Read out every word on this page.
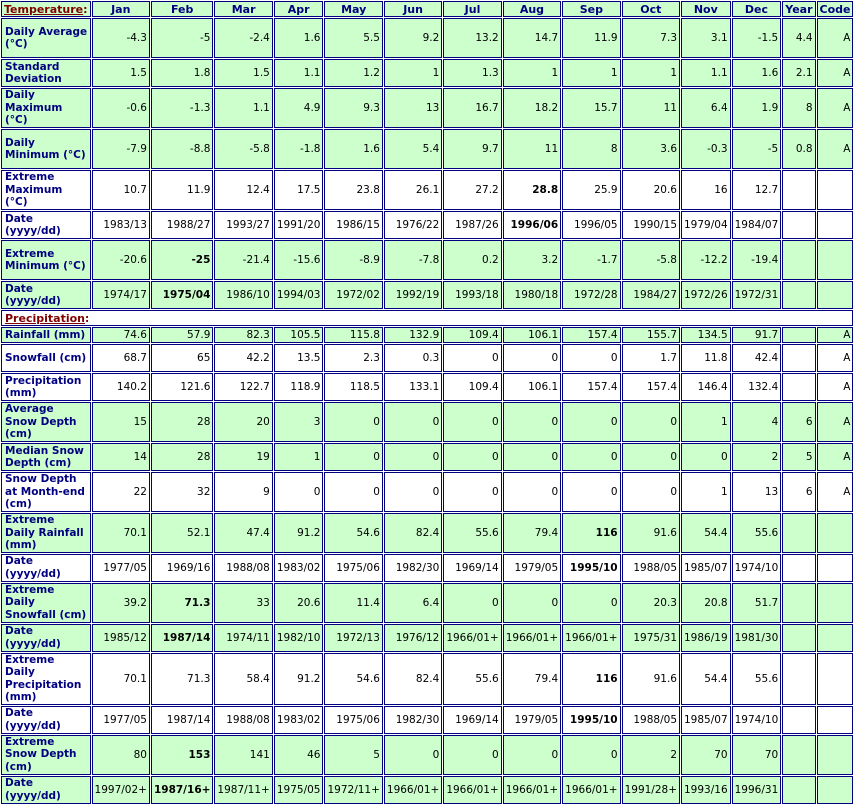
Temperature:	Jan	Feb	Mar	Apr	May	Jun	Jul	Aug	Sep	Oct	Nov	Dec	Year	Code
Daily Average (°C)	-4.3	-5	-2.4	1.6	5.5	9.2	13.2	14.7	11.9	7.3	3.1	-1.5	4.4	A
Standard Deviation	1.5	1.8	1.5	1.1	1.2	1	1.3	1	1	1	1.1	1.6	2.1	A
Daily Maximum (°C)	-0.6	-1.3	1.1	4.9	9.3	13	16.7	18.2	15.7	11	6.4	1.9	8	A
Daily Minimum (°C)	-7.9	-8.8	-5.8	-1.8	1.6	5.4	9.7	11	8	3.6	-0.3	-5	0.8	A
Extreme Maximum (°C)	10.7	11.9	12.4	17.5	23.8	26.1	27.2	28.8	25.9	20.6	16	12.7		
Date (yyyy/dd)	1983/13	1988/27	1993/27	1991/20	1986/15	1976/22	1987/26	1996/06	1996/05	1990/15	1979/04	1984/07		
Extreme Minimum (°C)	-20.6	-25	-21.4	-15.6	-8.9	-7.8	0.2	3.2	-1.7	-5.8	-12.2	-19.4		
Date (yyyy/dd)	1974/17	1975/04	1986/10	1994/03	1972/02	1992/19	1993/18	1980/18	1972/28	1984/27	1972/26	1972/31		
Precipitation:														
Rainfall (mm)	74.6	57.9	82.3	105.5	115.8	132.9	109.4	106.1	157.4	155.7	134.5	91.7		A
Snowfall (cm)	68.7	65	42.2	13.5	2.3	0.3	0	0	0	1.7	11.8	42.4		A
Precipitation (mm)	140.2	121.6	122.7	118.9	118.5	133.1	109.4	106.1	157.4	157.4	146.4	132.4		A
Average Snow Depth (cm)	15	28	20	3	0	0	0	0	0	0	1	4	6	A
Median Snow Depth (cm)	14	28	19	1	0	0	0	0	0	0	0	2	5	A
Snow Depth at Month-end (cm)	22	32	9	0	0	0	0	0	0	0	1	13	6	A
Extreme Daily Rainfall (mm)	70.1	52.1	47.4	91.2	54.6	82.4	55.6	79.4	116	91.6	54.4	55.6		
Date (yyyy/dd)	1977/05	1969/16	1988/08	1983/02	1975/06	1982/30	1969/14	1979/05	1995/10	1988/05	1985/07	1974/10		
Extreme Daily Snowfall (cm)	39.2	71.3	33	20.6	11.4	6.4	0	0	0	20.3	20.8	51.7		
Date (yyyy/dd)	1985/12	1987/14	1974/11	1982/10	1972/13	1976/12	1966/01+	1966/01+	1966/01+	1975/31	1986/19	1981/30		
Extreme Daily Precipitation (mm)	70.1	71.3	58.4	91.2	54.6	82.4	55.6	79.4	116	91.6	54.4	55.6		
Date (yyyy/dd)	1977/05	1987/14	1988/08	1983/02	1975/06	1982/30	1969/14	1979/05	1995/10	1988/05	1985/07	1974/10		
Extreme Snow Depth (cm)	80	153	141	46	5	0	0	0	0	2	70	70		
Date (yyyy/dd)	1997/02+	1987/16+	1987/11+	1975/05	1972/11+	1966/01+	1966/01+	1966/01+	1966/01+	1991/28+	1993/16	1996/31		
